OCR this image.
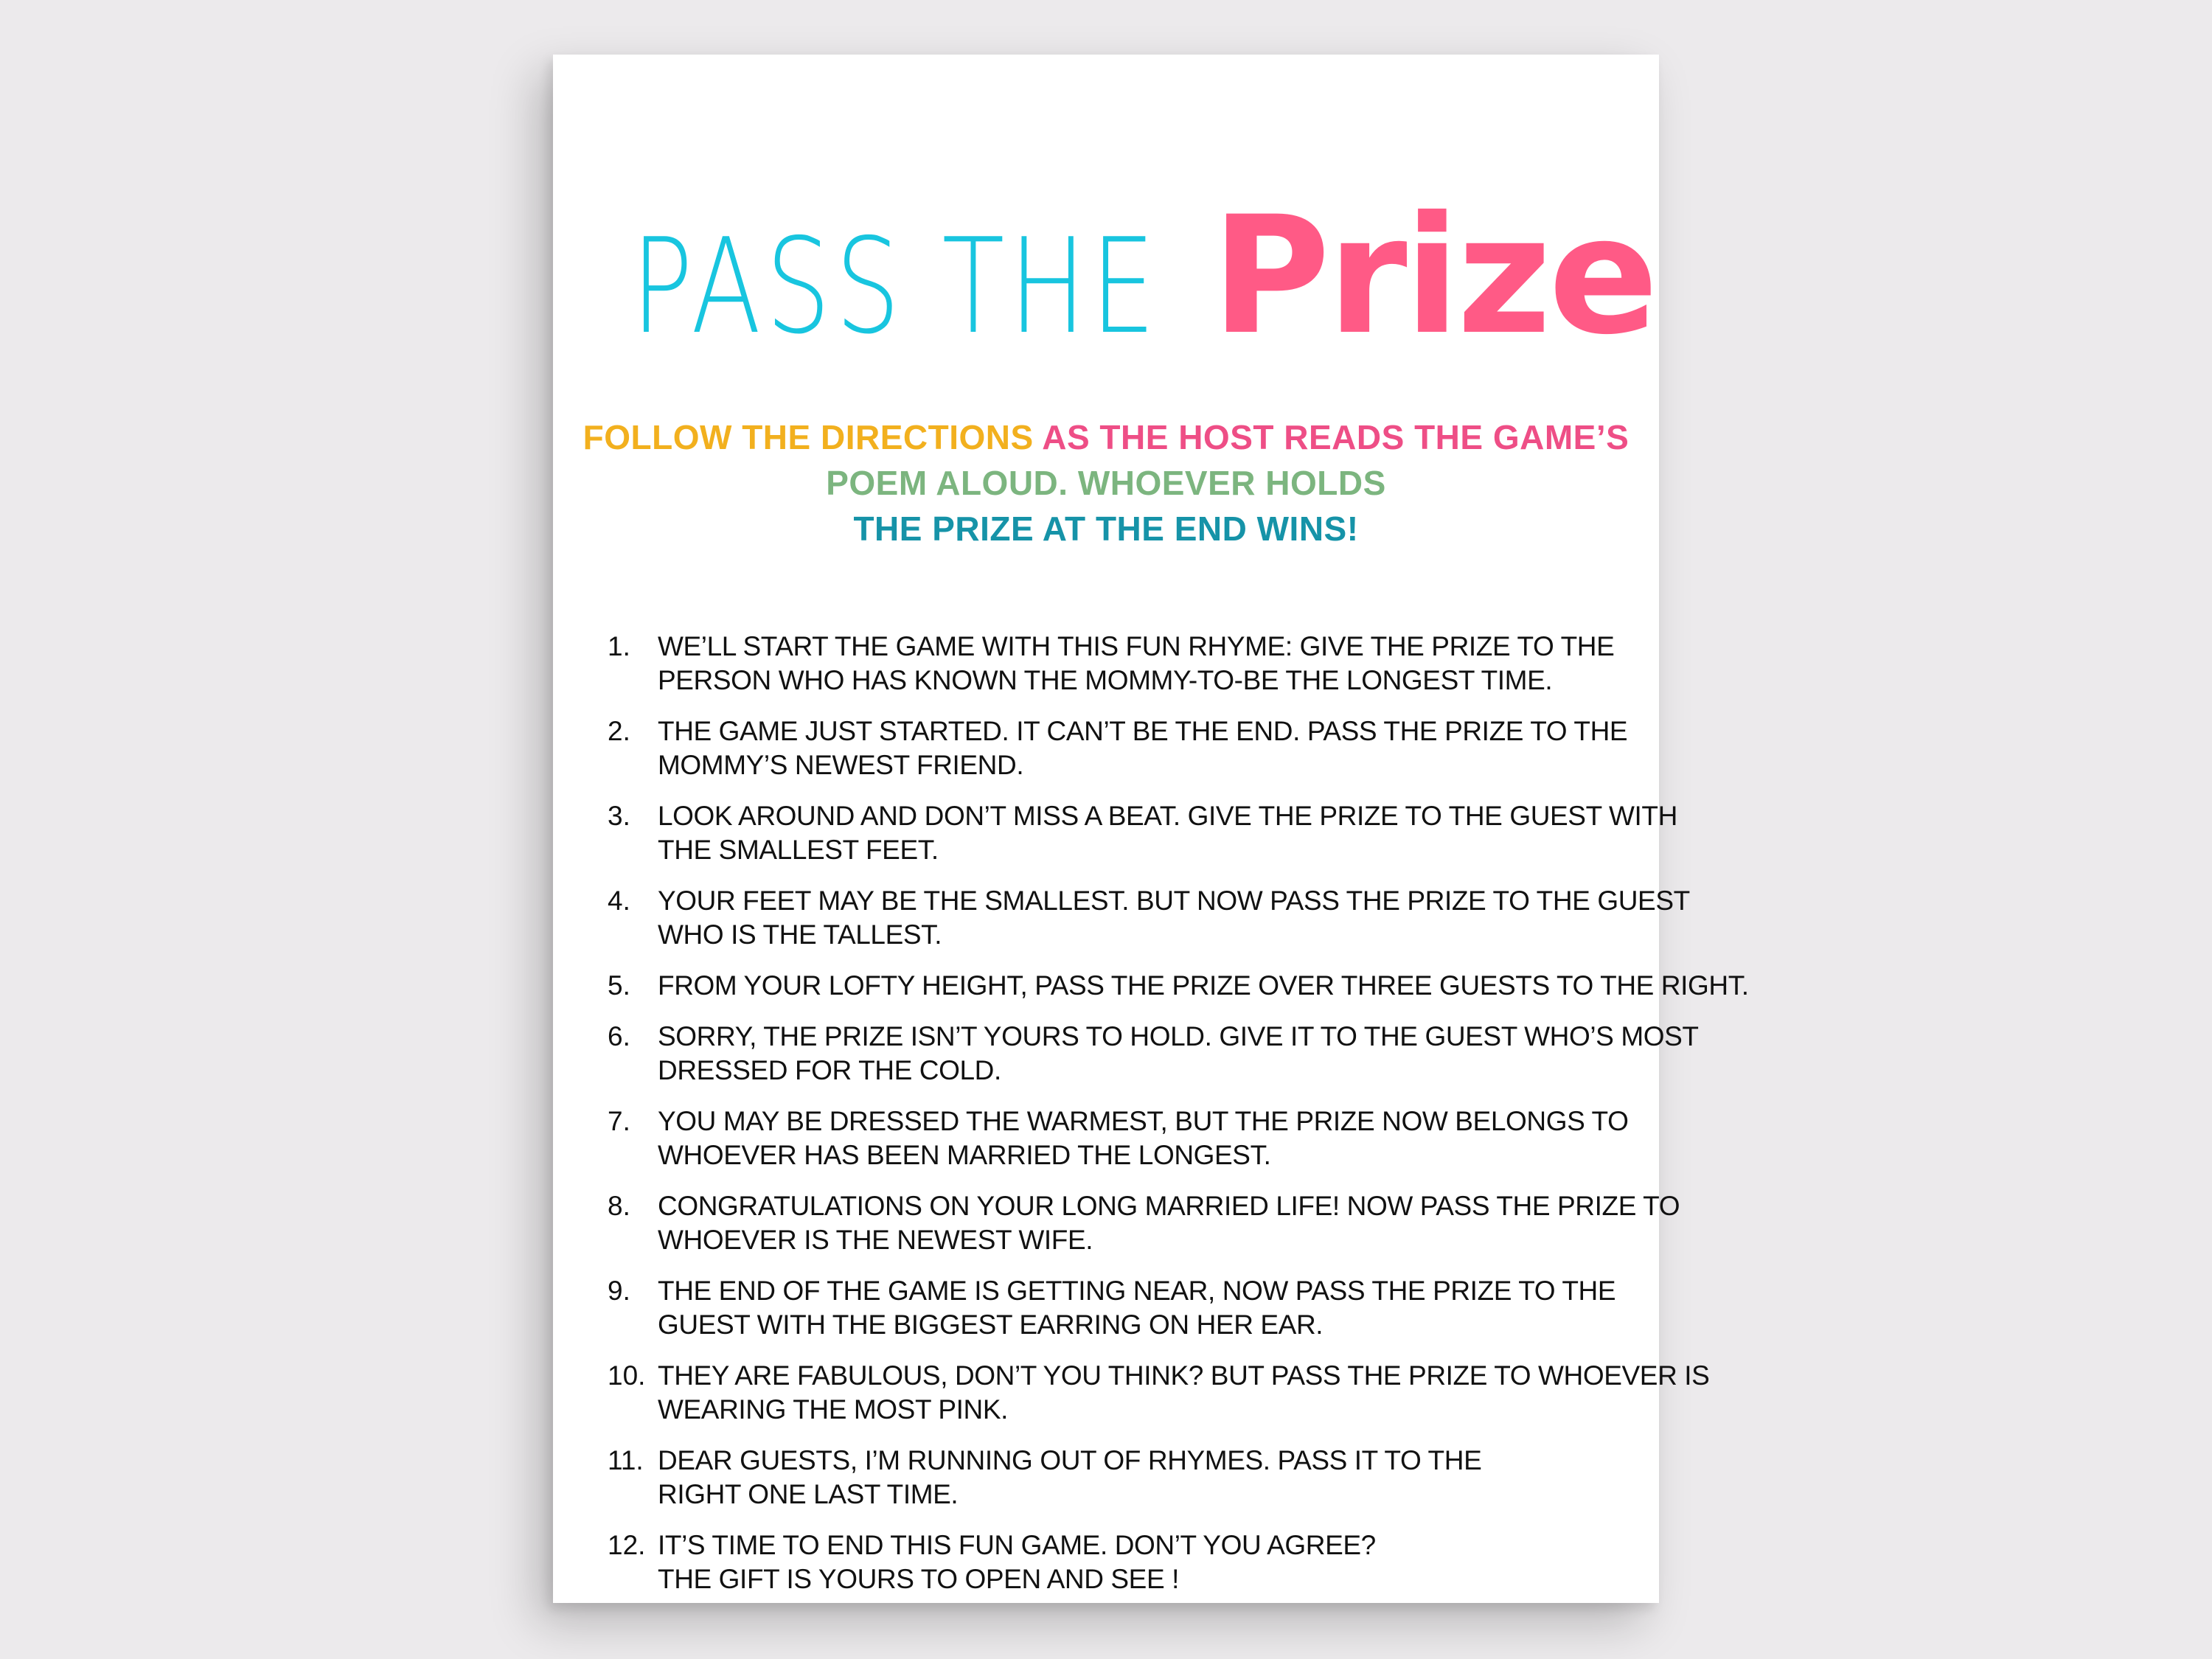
PASS THE Prize
FOLLOW THE DIRECTIONS AS THE HOST READS THE GAME’S
POEM ALOUD. WHOEVER HOLDS THE PRIZE AT THE END WINS!
1.	WE’LL START THE GAME WITH THIS FUN RHYME: GIVE THE PRIZE TO THE
PERSON WHO HAS KNOWN THE MOMMY-TO-BE THE LONGEST TIME.
2.	THE GAME JUST STARTED. IT CAN’T BE THE END. PASS THE PRIZE TO THE
MOMMY’S NEWEST FRIEND.
3.	LOOK AROUND AND DON’T MISS A BEAT. GIVE THE PRIZE TO THE GUEST WITH
THE SMALLEST FEET.
4.	YOUR FEET MAY BE THE SMALLEST. BUT NOW PASS THE PRIZE TO THE GUEST
WHO IS THE TALLEST.
5.	FROM YOUR LOFTY HEIGHT, PASS THE PRIZE OVER THREE GUESTS TO THE RIGHT.
6.	SORRY, THE PRIZE ISN’T YOURS TO HOLD. GIVE IT TO THE GUEST WHO’S MOST
DRESSED FOR THE COLD.
7.	YOU MAY BE DRESSED THE WARMEST, BUT THE PRIZE NOW BELONGS TO
WHOEVER HAS BEEN MARRIED THE LONGEST.
8.	CONGRATULATIONS ON YOUR LONG MARRIED LIFE! NOW PASS THE PRIZE TO
WHOEVER IS THE NEWEST WIFE.
9.	THE END OF THE GAME IS GETTING NEAR, NOW PASS THE PRIZE TO THE
GUEST WITH THE BIGGEST EARRING ON HER EAR.
10. THEY ARE FABULOUS, DON’T YOU THINK? BUT PASS THE PRIZE TO WHOEVER IS
WEARING THE MOST PINK.
11. DEAR GUESTS, I’M RUNNING OUT OF RHYMES. PASS IT TO THE
RIGHT ONE LAST TIME.
12. IT’S TIME TO END THIS FUN GAME. DON’T YOU AGREE?
THE GIFT IS YOURS TO OPEN AND SEE !
